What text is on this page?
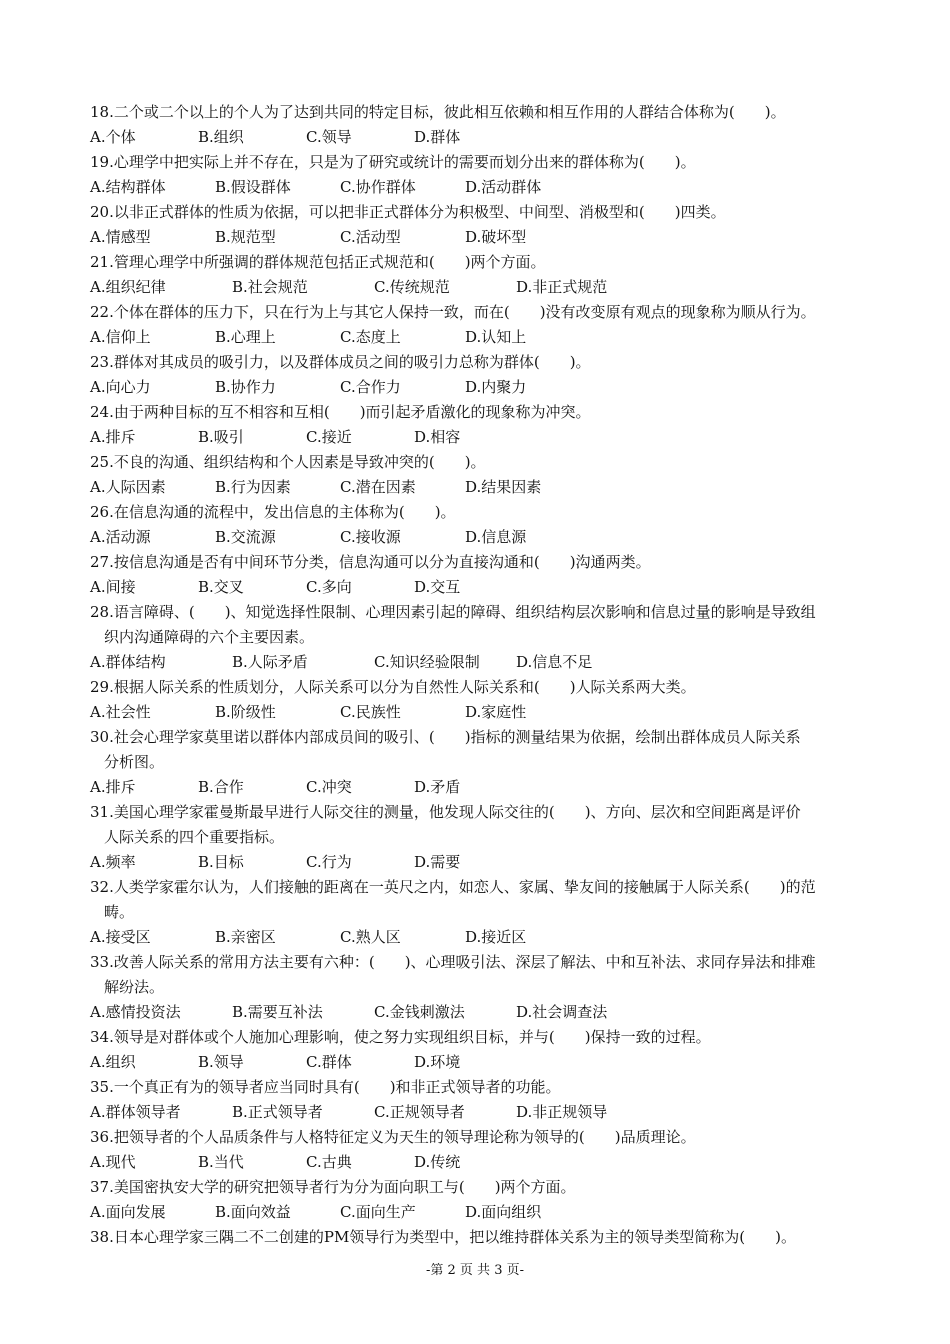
18.二个或二个以上的个人为了达到共同的特定目标，彼此相互依赖和相互作用的人群结合体称为(　　)。
A.个体	B.组织	C.领导	D.群体
19.心理学中把实际上并不存在，只是为了研究或统计的需要而划分出来的群体称为(　　)。
A.结构群体	B.假设群体	C.协作群体	D.活动群体
20.以非正式群体的性质为依据，可以把非正式群体分为积极型、中间型、消极型和(　　)四类。
A.情感型	B.规范型	C.活动型	D.破坏型
21.管理心理学中所强调的群体规范包括正式规范和(　　)两个方面。
A.组织纪律	B.社会规范	C.传统规范	D.非正式规范
22.个体在群体的压力下，只在行为上与其它人保持一致，而在(　　)没有改变原有观点的现象称为顺从行为。
A.信仰上	B.心理上	C.态度上	D.认知上
23.群体对其成员的吸引力，以及群体成员之间的吸引力总称为群体(　　)。
A.向心力	B.协作力	C.合作力	D.内聚力
24.由于两种目标的互不相容和互相(　　)而引起矛盾激化的现象称为冲突。
A.排斥	B.吸引	C.接近	D.相容
25.不良的沟通、组织结构和个人因素是导致冲突的(　　)。
A.人际因素	B.行为因素	C.潜在因素	D.结果因素
26.在信息沟通的流程中，发出信息的主体称为(　　)。
A.活动源	B.交流源	C.接收源	D.信息源
27.按信息沟通是否有中间环节分类，信息沟通可以分为直接沟通和(　　)沟通两类。
A.间接	B.交叉	C.多向	D.交互
28.语言障碍、(　　)、知觉选择性限制、心理因素引起的障碍、组织结构层次影响和信息过量的影响是导致组
织内沟通障碍的六个主要因素。
A.群体结构	B.人际矛盾	C.知识经验限制 D.信息不足
29.根据人际关系的性质划分，人际关系可以分为自然性人际关系和(　　)人际关系两大类。
A.社会性	B.阶级性	C.民族性	D.家庭性
30.社会心理学家莫里诺以群体内部成员间的吸引、(　　)指标的测量结果为依据，绘制出群体成员人际关系
分析图。
A.排斥	B.合作	C.冲突	D.矛盾
31.美国心理学家霍曼斯最早进行人际交往的测量，他发现人际交往的(　　)、方向、层次和空间距离是评价
人际关系的四个重要指标。
A.频率	B.目标	C.行为	D.需要
32.人类学家霍尔认为，人们接触的距离在一英尺之内，如恋人、家属、挚友间的接触属于人际关系(　　)的范
畴。
A.接受区	B.亲密区	C.熟人区	D.接近区
33.改善人际关系的常用方法主要有六种：(　　)、心理吸引法、深层了解法、中和互补法、求同存异法和排难
解纷法。
A.感情投资法	B.需要互补法	C.金钱刺激法	D.社会调查法
34.领导是对群体或个人施加心理影响，使之努力实现组织目标，并与(　　)保持一致的过程。
A.组织	B.领导	C.群体	D.环境
35.一个真正有为的领导者应当同时具有(　　)和非正式领导者的功能。
A.群体领导者	B.正式领导者	C.正规领导者	D.非正规领导
36.把领导者的个人品质条件与人格特征定义为天生的领导理论称为领导的(　　)品质理论。
A.现代	B.当代	C.古典	D.传统
37.美国密执安大学的研究把领导者行为分为面向职工与(　　)两个方面。
A.面向发展	B.面向效益	C.面向生产	D.面向组织
38.日本心理学家三隅二不二创建的PM领导行为类型中，把以维持群体关系为主的领导类型简称为(　　)。
-第 2 页 共 3 页-
